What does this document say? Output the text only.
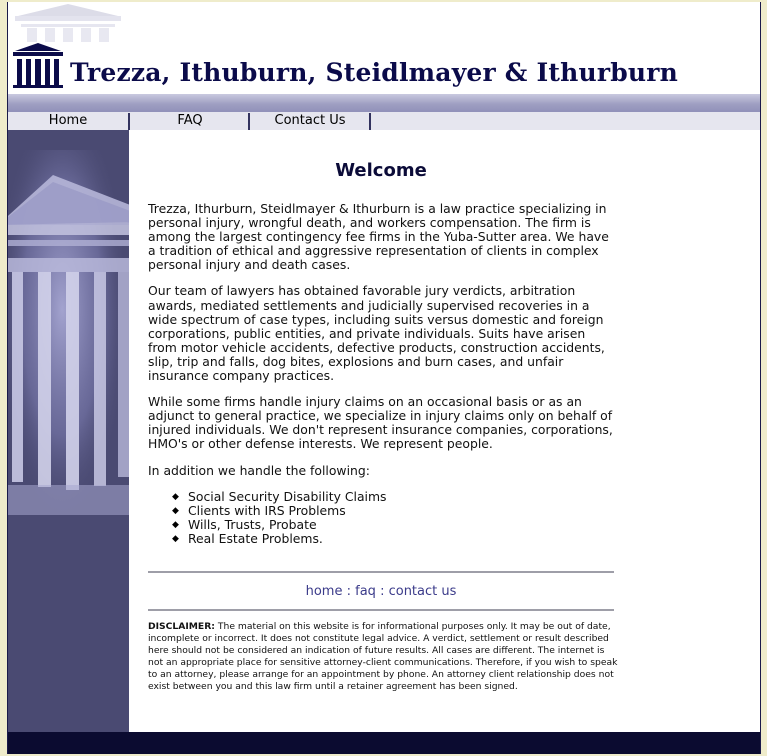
Trezza, Ithuburn, Steidlmayer & Ithurburn
Home	FAQ	Contact Us
Welcome

Trezza, Ithurburn, Steidlmayer & Ithurburn is a law practice specializing in personal injury, wrongful death, and workers compensation. The firm is among the largest contingency fee firms in the Yuba-Sutter area. We have a tradition of ethical and aggressive representation of clients in complex personal injury and death cases.

Our team of lawyers has obtained favorable jury verdicts, arbitration awards, mediated settlements and judicially supervised recoveries in a wide spectrum of case types, including suits versus domestic and foreign corporations, public entities, and private individuals. Suits have arisen from motor vehicle accidents, defective products, construction accidents, slip, trip and falls, dog bites, explosions and burn cases, and unfair insurance company practices.

While some firms handle injury claims on an occasional basis or as an adjunct to general practice, we specialize in injury claims only on behalf of injured individuals. We don't represent insurance companies, corporations, HMO's or other defense interests. We represent people.

In addition we handle the following:

◆ Social Security Disability Claims
◆ Clients with IRS Problems
◆ Wills, Trusts, Probate
◆ Real Estate Problems.
home : faq : contact us
DISCLAIMER: The material on this website is for informational purposes only. It may be out of date, incomplete or incorrect. It does not constitute legal advice. A verdict, settlement or result described here should not be considered an indication of future results. All cases are different. The internet is not an appropriate place for sensitive attorney-client communications. Therefore, if you wish to speak to an attorney, please arrange for an appointment by phone. An attorney client relationship does not exist between you and this law firm until a retainer agreement has been signed.
